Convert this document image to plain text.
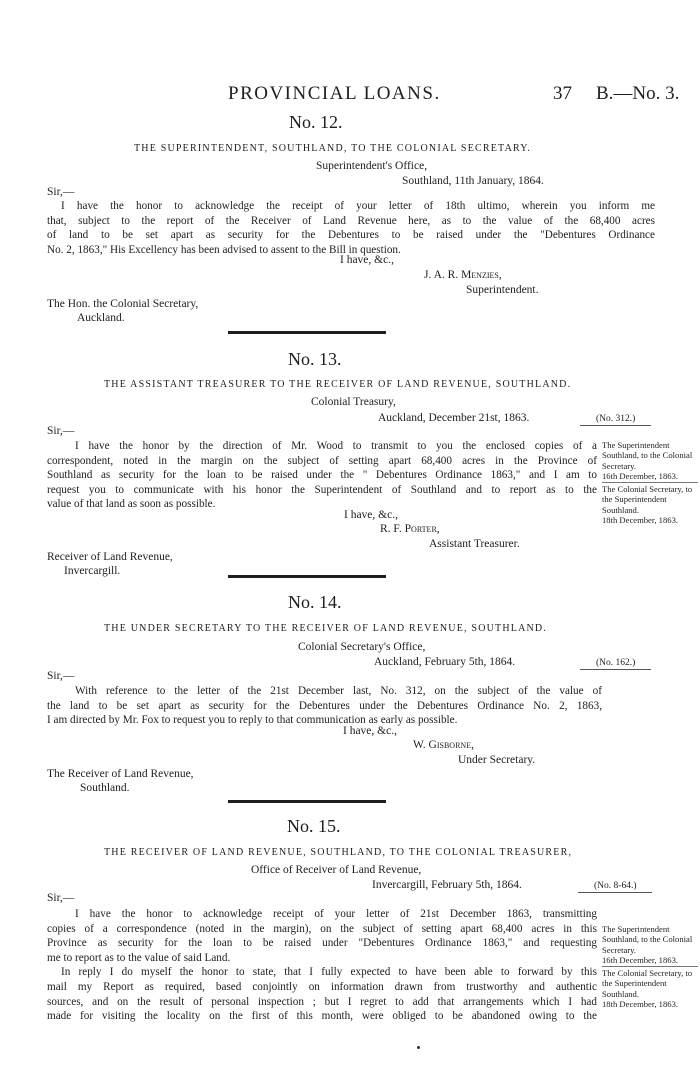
PROVINCIAL LOANS.	37 B.—No. 3.
No. 12.
THE SUPERINTENDENT, SOUTHLAND, TO THE COLONIAL SECRETARY.
Superintendent's Office,
Southland, 11th January, 1864.
Sir,—
I have the honor to acknowledge the receipt of your letter of 18th ultimo, wherein you inform me
that, subject to the report of the Receiver of Land Revenue here, as to the value of the 68,400 acres
of land to be set apart as security for the Debentures to be raised under the "Debentures Ordinance
No. 2, 1863," His Excellency has been advised to assent to the Bill in question.
I have, &c.,
J. A. R. Menzies,
Superintendent.
The Hon. the Colonial Secretary,
Auckland.
No. 13.
THE ASSISTANT TREASURER TO THE RECEIVER OF LAND REVENUE, SOUTHLAND.
Colonial Treasury,
Auckland, December 21st, 1863.	(No. 312.)
Sir,—
I have the honor by the direction of Mr. Wood to transmit to you the enclosed copies of a
correspondent, noted in the margin on the subject of setting apart 68,400 acres in the Province of
Southland as security for the loan to be raised under the " Debentures Ordinance 1863," and I am to
request you to communicate with his honor the Superintendent of Southland and to report as to the
value of that land as soon as possible.
The Superintendent Southland, to the Colonial Secretary.
16th December, 1863.
The Colonial Secretary, to the Superintendent Southland.
18th December, 1863.
I have, &c.,
R. F. Porter,
Assistant Treasurer.
Receiver of Land Revenue,
Invercargill.
No. 14.
THE UNDER SECRETARY TO THE RECEIVER OF LAND REVENUE, SOUTHLAND.
Colonial Secretary's Office,
Auckland, February 5th, 1864.	(No. 162.)
Sir,—
With reference to the letter of the 21st December last, No. 312, on the subject of the value of
the land to be set apart as security for the Debentures under the Debentures Ordinance No. 2, 1863,
I am directed by Mr. Fox to request you to reply to that communication as early as possible.
I have, &c.,
W. Gisborne,
Under Secretary.
The Receiver of Land Revenue,
Southland.
No. 15.
THE RECEIVER OF LAND REVENUE, SOUTHLAND, TO THE COLONIAL TREASURER,
Office of Receiver of Land Revenue,
Invercargill, February 5th, 1864.	(No. 8-64.)
Sir,—
I have the honor to acknowledge receipt of your letter of 21st December 1863, transmitting
copies of a correspondence (noted in the margin), on the subject of setting apart 68,400 acres in this
Province as security for the loan to be raised under "Debentures Ordinance 1863," and requesting
me to report as to the value of said Land.
In reply I do myself the honor to state, that I fully expected to have been able to forward by this
mail my Report as required, based conjointly on information drawn from trustworthy and authentic
sources, and on the result of personal inspection ; but I regret to add that arrangements which I had
made for visiting the locality on the first of this month, were obliged to be abandoned owing to the
The Superintendent Southland, to the Colonial Secretary.
16th December, 1863.
The Colonial Secretary, to the Superintendent Southland.
18th December, 1863.
